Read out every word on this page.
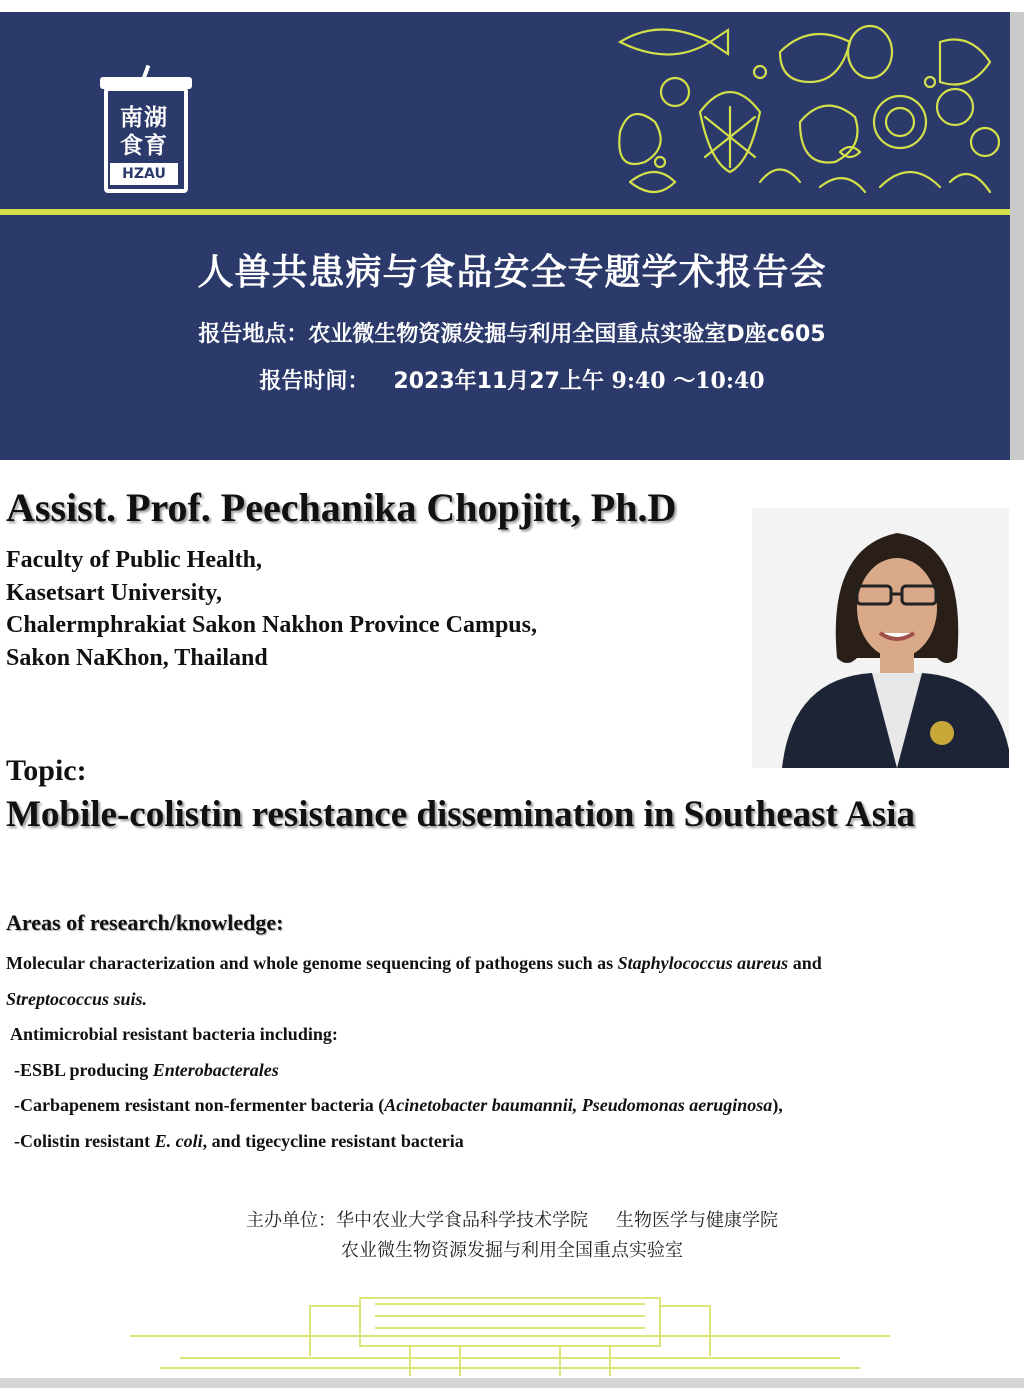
南湖
食育
HZAU
人兽共患病与食品安全专题学术报告会
报告地点：农业微生物资源发掘与利用全国重点实验室D座c605
报告时间： 2023年11月27上午 9:40 ～10:40
Assist. Prof. Peechanika Chopjitt, Ph.D
Faculty of Public Health,
Kasetsart University,
Chalermphrakiat Sakon Nakhon Province Campus,
Sakon NaKhon, Thailand
Topic:
Mobile-colistin resistance dissemination in Southeast Asia
Areas of research/knowledge:
Molecular characterization and whole genome sequencing of pathogens such as Staphylococcus aureus and
Streptococcus suis.
Antimicrobial resistant bacteria including:
-ESBL producing Enterobacterales
-Carbapenem resistant non-fermenter bacteria (Acinetobacter baumannii, Pseudomonas aeruginosa),
-Colistin resistant E. coli, and tigecycline resistant bacteria
主办单位：华中农业大学食品科学技术学院 生物医学与健康学院
农业微生物资源发掘与利用全国重点实验室
